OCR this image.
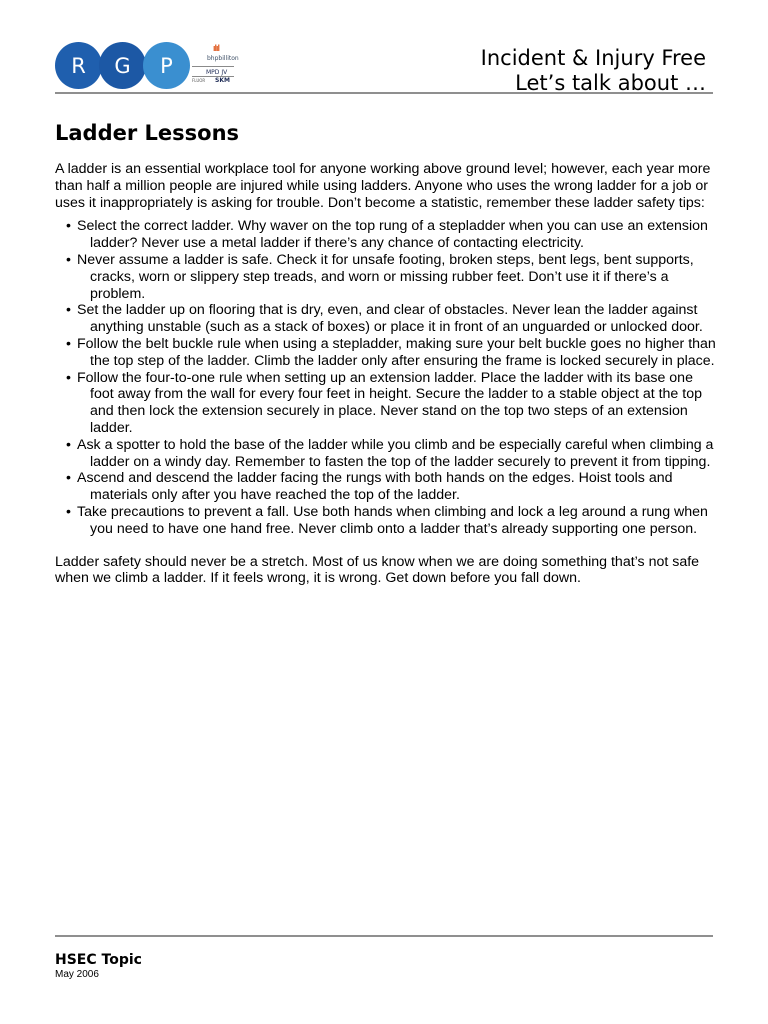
R	G	P
ılıl
bhpbilliton
MPD JV
FLUOR SKM
Incident & Injury Free
Let’s talk about …
Ladder Lessons

A ladder is an essential workplace tool for anyone working above ground level; however, each year more than half a million people are injured while using ladders. Anyone who uses the wrong ladder for a job or uses it inappropriately is asking for trouble. Don’t become a statistic, remember these ladder safety tips:

• Select the correct ladder. Why waver on the top rung of a stepladder when you can use an extension ladder? Never use a metal ladder if there’s any chance of contacting electricity.
• Never assume a ladder is safe. Check it for unsafe footing, broken steps, bent legs, bent supports, cracks, worn or slippery step treads, and worn or missing rubber feet. Don’t use it if there’s a problem.
• Set the ladder up on flooring that is dry, even, and clear of obstacles. Never lean the ladder against anything unstable (such as a stack of boxes) or place it in front of an unguarded or unlocked door.
• Follow the belt buckle rule when using a stepladder, making sure your belt buckle goes no higher than the top step of the ladder. Climb the ladder only after ensuring the frame is locked securely in place.
• Follow the four-to-one rule when setting up an extension ladder. Place the ladder with its base one foot away from the wall for every four feet in height. Secure the ladder to a stable object at the top and then lock the extension securely in place. Never stand on the top two steps of an extension ladder.
• Ask a spotter to hold the base of the ladder while you climb and be especially careful when climbing a ladder on a windy day. Remember to fasten the top of the ladder securely to prevent it from tipping.
• Ascend and descend the ladder facing the rungs with both hands on the edges. Hoist tools and materials only after you have reached the top of the ladder.
• Take precautions to prevent a fall. Use both hands when climbing and lock a leg around a rung when you need to have one hand free. Never climb onto a ladder that’s already supporting one person.

Ladder safety should never be a stretch. Most of us know when we are doing something that’s not safe when we climb a ladder. If it feels wrong, it is wrong. Get down before you fall down.

HSEC Topic
May 2006
